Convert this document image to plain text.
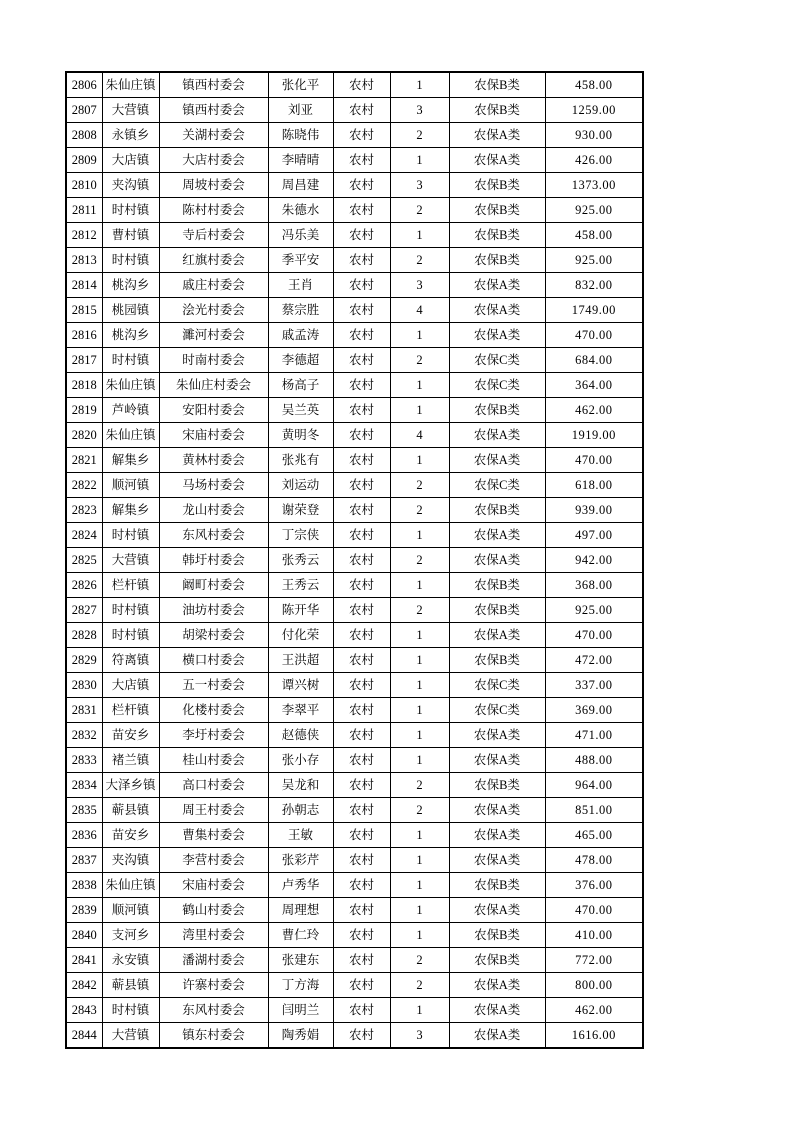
2806	朱仙庄镇	镇西村委会	张化平	农村	1	农保B类	458.00
2807	大营镇	镇西村委会	刘亚	农村	3	农保B类	1259.00
2808	永镇乡	关湖村委会	陈晓伟	农村	2	农保A类	930.00
2809	大店镇	大店村委会	李晴晴	农村	1	农保A类	426.00
2810	夹沟镇	周坡村委会	周昌建	农村	3	农保B类	1373.00
2811	时村镇	陈村村委会	朱德水	农村	2	农保B类	925.00
2812	曹村镇	寺后村委会	冯乐美	农村	1	农保B类	458.00
2813	时村镇	红旗村委会	季平安	农村	2	农保B类	925.00
2814	桃沟乡	戚庄村委会	王肖	农村	3	农保A类	832.00
2815	桃园镇	浍光村委会	蔡宗胜	农村	4	农保A类	1749.00
2816	桃沟乡	濉河村委会	戚孟涛	农村	1	农保A类	470.00
2817	时村镇	时南村委会	李德超	农村	2	农保C类	684.00
2818	朱仙庄镇	朱仙庄村委会	杨高子	农村	1	农保C类	364.00
2819	芦岭镇	安阳村委会	吴兰英	农村	1	农保B类	462.00
2820	朱仙庄镇	宋庙村委会	黄明冬	农村	4	农保A类	1919.00
2821	解集乡	黄林村委会	张兆有	农村	1	农保A类	470.00
2822	顺河镇	马场村委会	刘运动	农村	2	农保C类	618.00
2823	解集乡	龙山村委会	谢荣登	农村	2	农保B类	939.00
2824	时村镇	东风村委会	丁宗侠	农村	1	农保A类	497.00
2825	大营镇	韩圩村委会	张秀云	农村	2	农保A类	942.00
2826	栏杆镇	阚町村委会	王秀云	农村	1	农保B类	368.00
2827	时村镇	油坊村委会	陈开华	农村	2	农保B类	925.00
2828	时村镇	胡梁村委会	付化荣	农村	1	农保A类	470.00
2829	符离镇	横口村委会	王洪超	农村	1	农保B类	472.00
2830	大店镇	五一村委会	谭兴树	农村	1	农保C类	337.00
2831	栏杆镇	化楼村委会	李翠平	农村	1	农保C类	369.00
2832	苗安乡	李圩村委会	赵德侠	农村	1	农保A类	471.00
2833	褚兰镇	桂山村委会	张小存	农村	1	农保A类	488.00
2834	大泽乡镇	高口村委会	吴龙和	农村	2	农保B类	964.00
2835	蕲县镇	周王村委会	孙朝志	农村	2	农保A类	851.00
2836	苗安乡	曹集村委会	王敏	农村	1	农保A类	465.00
2837	夹沟镇	李营村委会	张彩芹	农村	1	农保A类	478.00
2838	朱仙庄镇	宋庙村委会	卢秀华	农村	1	农保B类	376.00
2839	顺河镇	鹤山村委会	周理想	农村	1	农保A类	470.00
2840	支河乡	湾里村委会	曹仁玲	农村	1	农保B类	410.00
2841	永安镇	潘湖村委会	张建东	农村	2	农保B类	772.00
2842	蕲县镇	许寨村委会	丁方海	农村	2	农保A类	800.00
2843	时村镇	东风村委会	闫明兰	农村	1	农保A类	462.00
2844	大营镇	镇东村委会	陶秀娟	农村	3	农保A类	1616.00
